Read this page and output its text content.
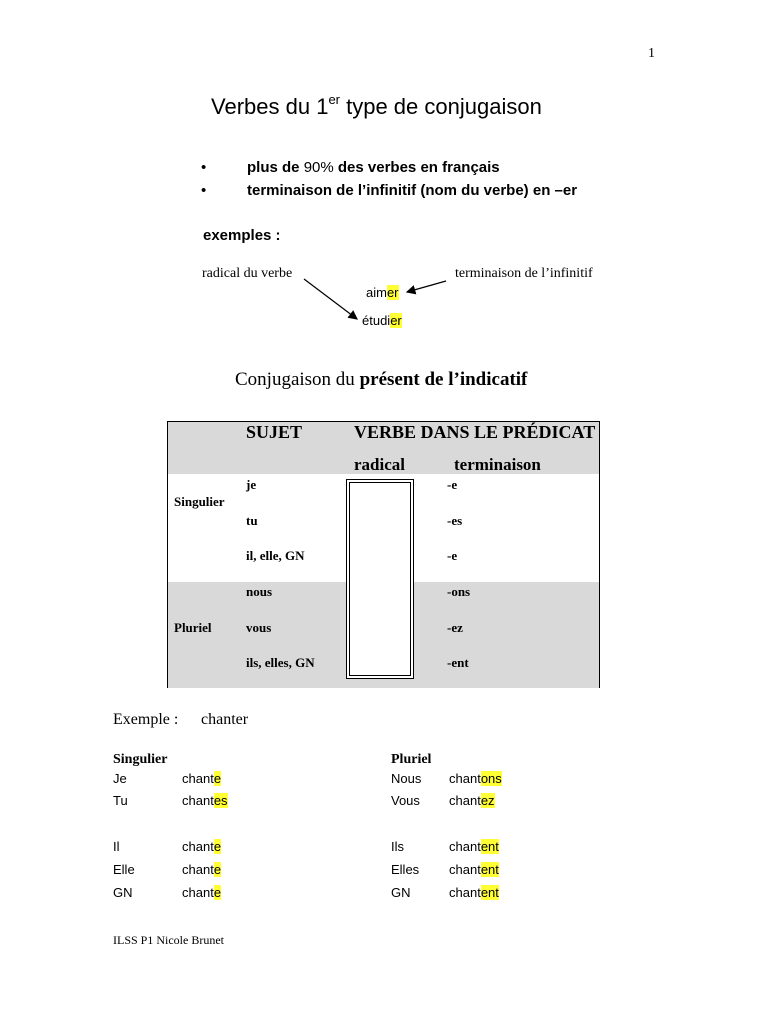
1
Verbes du 1er type de conjugaison
•	plus de 90% des verbes en français
•	terminaison de l’infinitif (nom du verbe) en –er
exemples :
radical du verbe	terminaison de l’infinitif
aimer
étudier
Conjugaison du présent de l’indicatif
SUJET	VERBE DANS LE PRÉDICAT
radical	terminaison
Singulier
je	-e
tu	-es
il, elle, GN	-e
Pluriel
nous	-ons
vous	-ez
ils, elles, GN	-ent
Exemple : chanter
Singulier
Je	chante
Tu	chantes
Il	chante
Elle	chante
GN	chante
Pluriel
Nous chantons
Vous chantez
Ils	chantent
Elles chantent
GN	chantent
ILSS P1 Nicole Brunet
